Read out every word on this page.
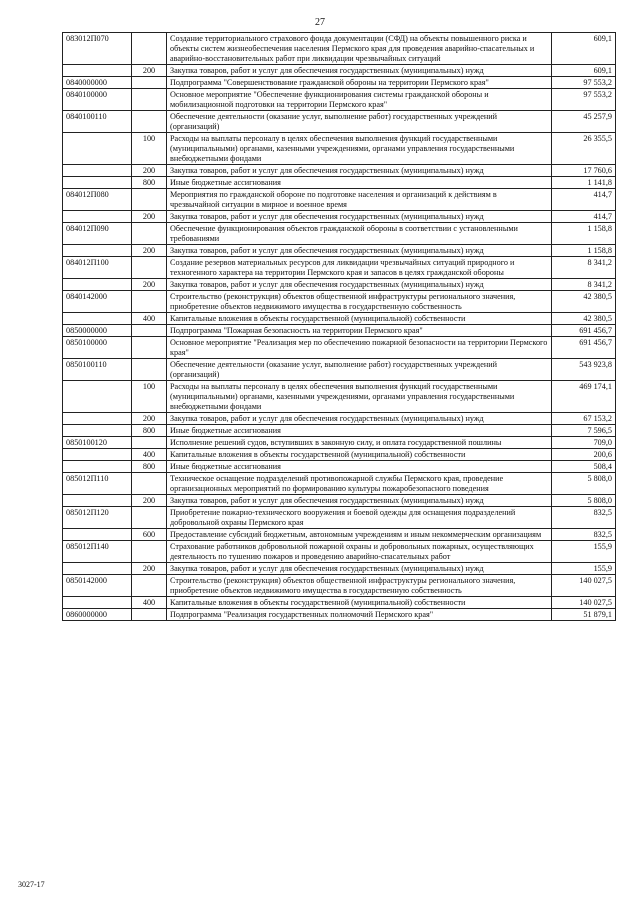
27
083012П070		Создание территориального страхового фонда документации (СФД) на объекты повышенного риска и объекты систем жизнеобеспечения населения Пермского края для проведения аварийно-спасательных и аварийно-восстановительных работ при ликвидации чрезвычайных ситуаций	609,1
	200	Закупка товаров, работ и услуг для обеспечения государственных (муниципальных) нужд	609,1
0840000000		Подпрограмма "Совершенствование гражданской обороны на территории Пермского края"	97 553,2
0840100000		Основное мероприятие "Обеспечение функционирования системы гражданской обороны и мобилизационной подготовки на территории Пермского края"	97 553,2
0840100110		Обеспечение деятельности (оказание услуг, выполнение работ) государственных учреждений (организаций)	45 257,9
	100	Расходы на выплаты персоналу в целях обеспечения выполнения функций государственными (муниципальными) органами, казенными учреждениями, органами управления государственными внебюджетными фондами	26 355,5
	200	Закупка товаров, работ и услуг для обеспечения государственных (муниципальных) нужд	17 760,6
	800	Иные бюджетные ассигнования	1 141,8
084012П080		Мероприятия по гражданской обороне по подготовке населения и организаций к действиям в чрезвычайной ситуации в мирное и военное время	414,7
	200	Закупка товаров, работ и услуг для обеспечения государственных (муниципальных) нужд	414,7
084012П090		Обеспечение функционирования объектов гражданской обороны в соответствии с установленными требованиями	1 158,8
	200	Закупка товаров, работ и услуг для обеспечения государственных (муниципальных) нужд	1 158,8
084012П100		Создание резервов материальных ресурсов для ликвидации чрезвычайных ситуаций природного и техногенного характера на территории Пермского края и запасов в целях гражданской обороны	8 341,2
	200	Закупка товаров, работ и услуг для обеспечения государственных (муниципальных) нужд	8 341,2
0840142000		Строительство (реконструкция) объектов общественной инфраструктуры регионального значения, приобретение объектов недвижимого имущества в государственную собственность	42 380,5
	400	Капитальные вложения в объекты государственной (муниципальной) собственности	42 380,5
0850000000		Подпрограмма "Пожарная безопасность на территории Пермского края"	691 456,7
0850100000		Основное мероприятие "Реализация мер по обеспечению пожарной безопасности на территории Пермского края"	691 456,7
0850100110		Обеспечение деятельности (оказание услуг, выполнение работ) государственных учреждений (организаций)	543 923,8
	100	Расходы на выплаты персоналу в целях обеспечения выполнения функций государственными (муниципальными) органами, казенными учреждениями, органами управления государственными внебюджетными фондами	469 174,1
	200	Закупка товаров, работ и услуг для обеспечения государственных (муниципальных) нужд	67 153,2
	800	Иные бюджетные ассигнования	7 596,5
0850100120		Исполнение решений судов, вступивших в законную силу, и оплата государственной пошлины	709,0
	400	Капитальные вложения в объекты государственной (муниципальной) собственности	200,6
	800	Иные бюджетные ассигнования	508,4
085012П110		Техническое оснащение подразделений противопожарной службы Пермского края, проведение организационных мероприятий по формированию культуры пожаробезопасного поведения	5 808,0
	200	Закупка товаров, работ и услуг для обеспечения государственных (муниципальных) нужд	5 808,0
085012П120		Приобретение пожарно-технического вооружения и боевой одежды для оснащения подразделений добровольной охраны Пермского края	832,5
	600	Предоставление субсидий бюджетным, автономным учреждениям и иным некоммерческим организациям	832,5
085012П140		Страхование работников добровольной пожарной охраны и добровольных пожарных, осуществляющих деятельность по тушению пожаров и проведению аварийно-спасательных работ	155,9
	200	Закупка товаров, работ и услуг для обеспечения государственных (муниципальных) нужд	155,9
0850142000		Строительство (реконструкция) объектов общественной инфраструктуры регионального значения, приобретение объектов недвижимого имущества в государственную собственность	140 027,5
	400	Капитальные вложения в объекты государственной (муниципальной) собственности	140 027,5
0860000000		Подпрограмма "Реализация государственных полномочий Пермского края"	51 879,1
3027-17
